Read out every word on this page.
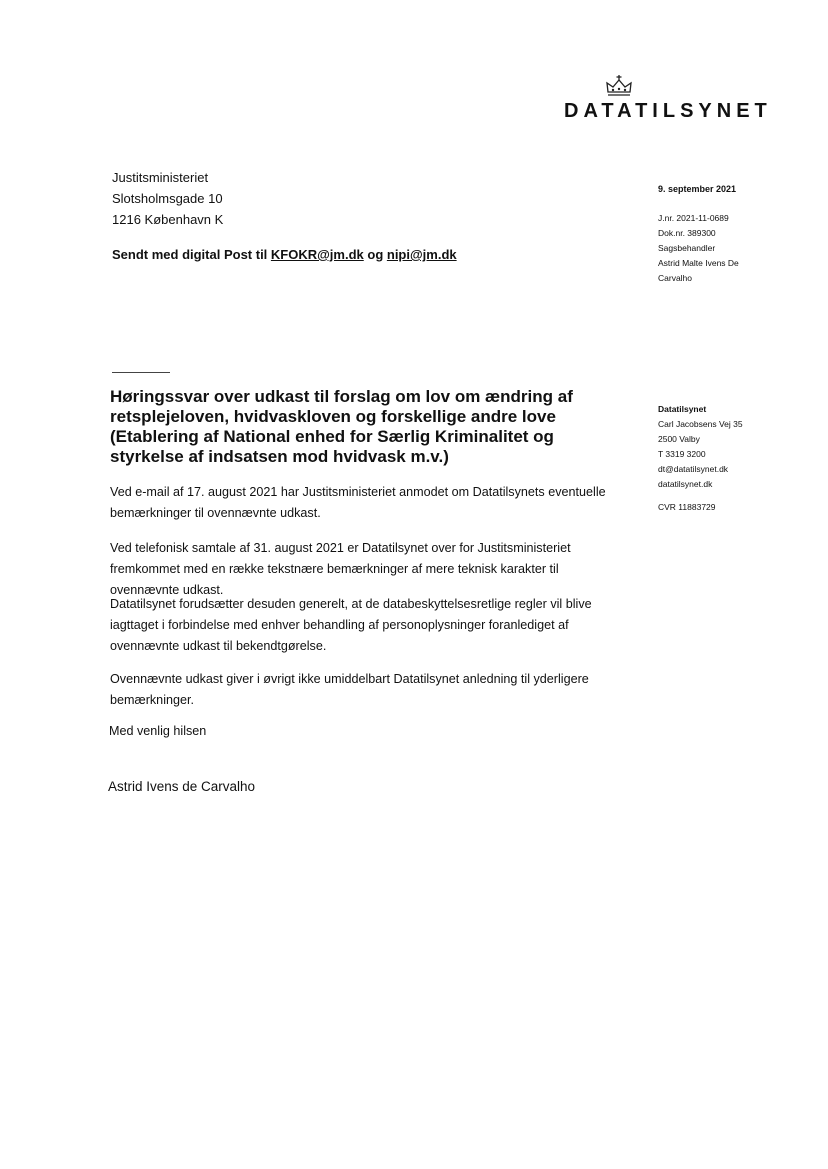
DATATILSYNET
Justitsministeriet
Slotsholmsgade 10
1216 København K
Sendt med digital Post til KFOKR@jm.dk og nipi@jm.dk
9. september 2021
J.nr. 2021-11-0689
Dok.nr. 389300
Sagsbehandler
Astrid Malte Ivens De
Carvalho
Datatilsynet
Carl Jacobsens Vej 35
2500 Valby
T 3319 3200
dt@datatilsynet.dk
datatilsynet.dk
CVR 11883729
Høringssvar over udkast til forslag om lov om ændring af retsplejeloven, hvidvaskloven og forskellige andre love (Etablering af National enhed for Særlig Kriminalitet og styrkelse af indsatsen mod hvidvask m.v.)
Ved e-mail af 17. august 2021 har Justitsministeriet anmodet om Datatilsynets eventuelle bemærkninger til ovennævnte udkast.
Ved telefonisk samtale af 31. august 2021 er Datatilsynet over for Justitsministeriet fremkommet med en række tekstnære bemærkninger af mere teknisk karakter til ovennævnte udkast.
Datatilsynet forudsætter desuden generelt, at de databeskyttelsesretlige regler vil blive iagttaget i forbindelse med enhver behandling af personoplysninger foranlediget af ovennævnte udkast til bekendtgørelse.
Ovennævnte udkast giver i øvrigt ikke umiddelbart Datatilsynet anledning til yderligere bemærkninger.
Med venlig hilsen
Astrid Ivens de Carvalho
